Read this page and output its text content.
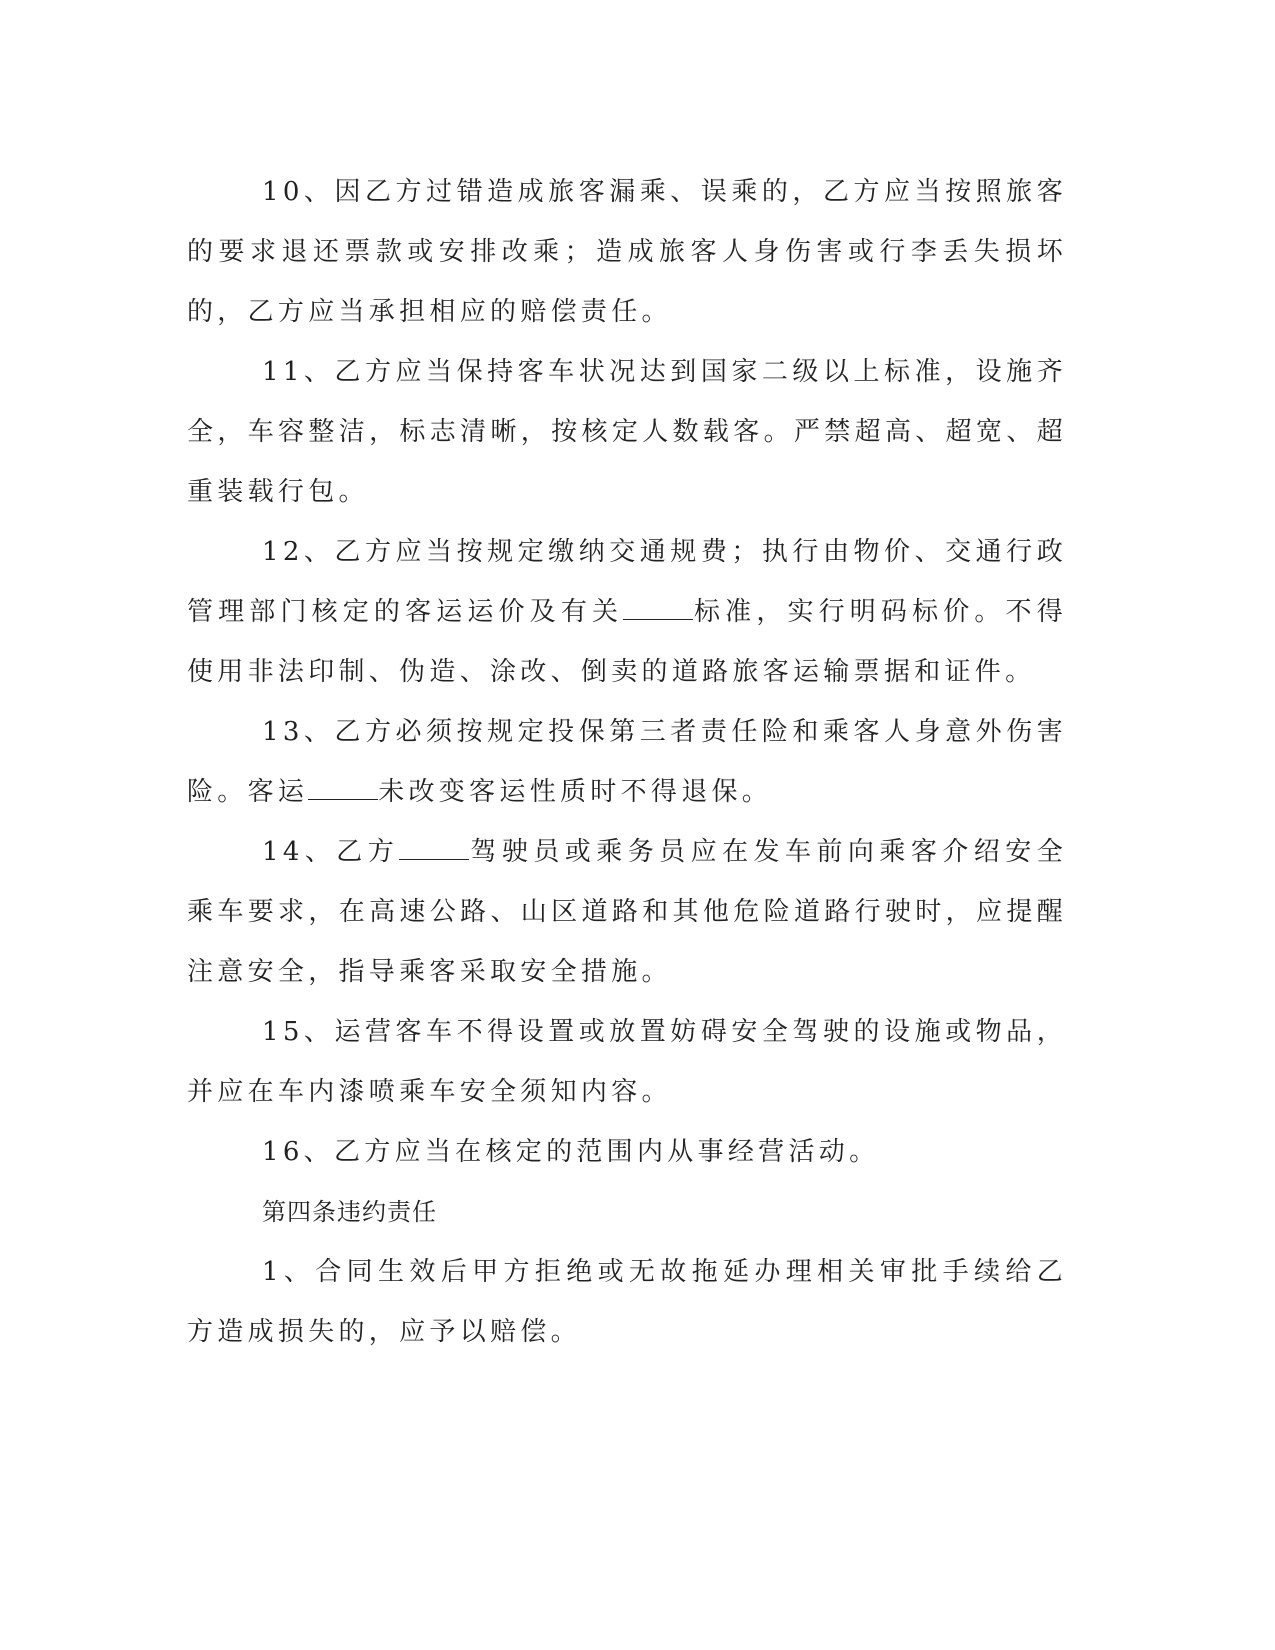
10、因乙方过错造成旅客漏乘、误乘的，乙方应当按照旅客的要求退还票款或安排改乘；造成旅客人身伤害或行李丢失损坏的，乙方应当承担相应的赔偿责任。

11、乙方应当保持客车状况达到国家二级以上标准，设施齐全，车容整洁，标志清晰，按核定人数载客。严禁超高、超宽、超重装载行包。

12、乙方应当按规定缴纳交通规费；执行由物价、交通行政管理部门核定的客运运价及有关	标准，实行明码标价。不得使用非法印制、伪造、涂改、倒卖的道路旅客运输票据和证件。

13、乙方必须按规定投保第三者责任险和乘客人身意外伤害险。客运	未改变客运性质时不得退保。

14、乙方	驾驶员或乘务员应在发车前向乘客介绍安全乘车要求，在高速公路、山区道路和其他危险道路行驶时，应提醒注意安全，指导乘客采取安全措施。

15、运营客车不得设置或放置妨碍安全驾驶的设施或物品，并应在车内漆喷乘车安全须知内容。

16、乙方应当在核定的范围内从事经营活动。

第四条违约责任

1、合同生效后甲方拒绝或无故拖延办理相关审批手续给乙方造成损失的，应予以赔偿。
